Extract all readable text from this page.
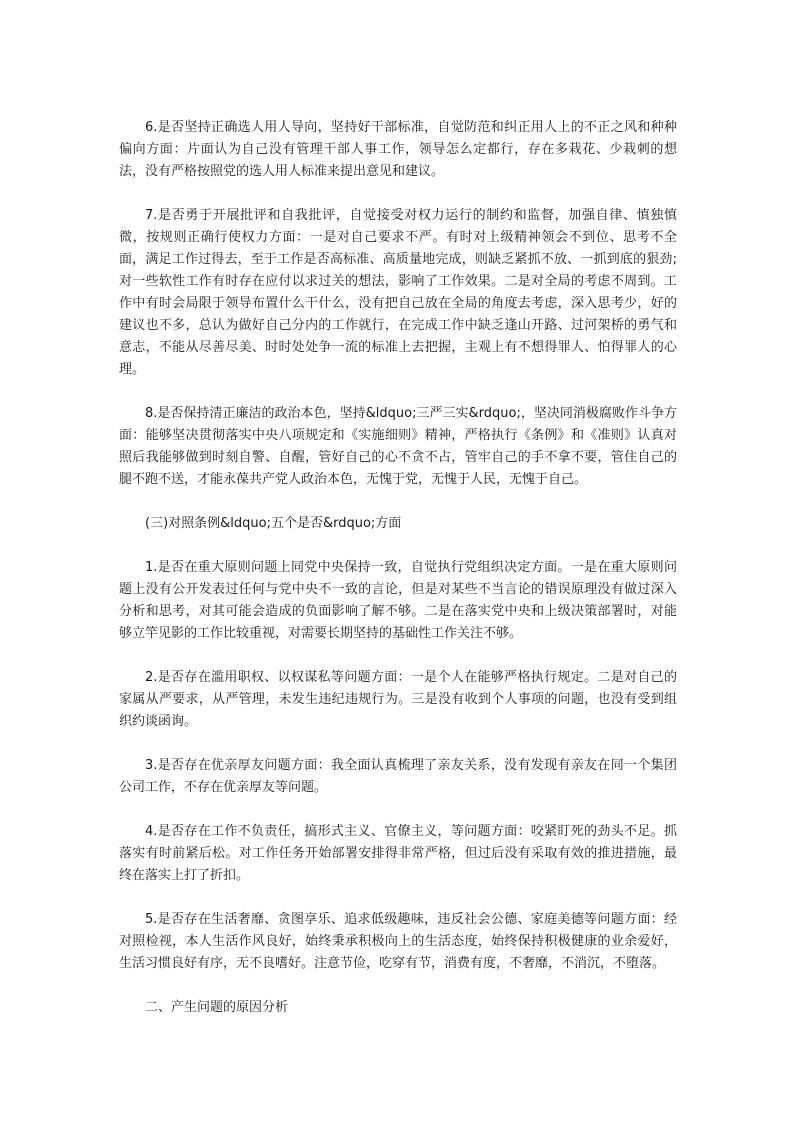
6.是否坚持正确选人用人导向，坚持好干部标准，自觉防范和纠正用人上的不正之风和种种偏向方面：片面认为自己没有管理干部人事工作，领导怎么定都行，存在多栽花、少栽刺的想法，没有严格按照党的选人用人标准来提出意见和建议。

7.是否勇于开展批评和自我批评，自觉接受对权力运行的制约和监督，加强自律、慎独慎微，按规则正确行使权力方面：一是对自己要求不严。有时对上级精神领会不到位、思考不全面，满足工作过得去，至于工作是否高标准、高质量地完成，则缺乏紧抓不放、一抓到底的狠劲;对一些软性工作有时存在应付以求过关的想法，影响了工作效果。二是对全局的考虑不周到。工作中有时会局限于领导布置什么干什么，没有把自己放在全局的角度去考虑，深入思考少，好的建议也不多，总认为做好自己分内的工作就行，在完成工作中缺乏逢山开路、过河架桥的勇气和意志，不能从尽善尽美、时时处处争一流的标准上去把握，主观上有不想得罪人、怕得罪人的心理。

8.是否保持清正廉洁的政治本色，坚持&ldquo;三严三实&rdquo;，坚决同消极腐败作斗争方面：能够坚决贯彻落实中央八项规定和《实施细则》精神，严格执行《条例》和《准则》认真对照后我能够做到时刻自警、自醒，管好自己的心不贪不占，管牢自己的手不拿不要，管住自己的腿不跑不送，才能永葆共产党人政治本色，无愧于党，无愧于人民，无愧于自己。

(三)对照条例&ldquo;五个是否&rdquo;方面

1.是否在重大原则问题上同党中央保持一致，自觉执行党组织决定方面。一是在重大原则问题上没有公开发表过任何与党中央不一致的言论，但是对某些不当言论的错误原理没有做过深入分析和思考，对其可能会造成的负面影响了解不够。二是在落实党中央和上级决策部署时，对能够立竿见影的工作比较重视，对需要长期坚持的基础性工作关注不够。

2.是否存在滥用职权、以权谋私等问题方面：一是个人在能够严格执行规定。二是对自己的家属从严要求，从严管理，未发生违纪违规行为。三是没有收到个人事项的问题，也没有受到组织约谈函询。

3.是否存在优亲厚友问题方面：我全面认真梳理了亲友关系，没有发现有亲友在同一个集团公司工作，不存在优亲厚友等问题。

4.是否存在工作不负责任，搞形式主义、官僚主义，等问题方面：咬紧盯死的劲头不足。抓落实有时前紧后松。对工作任务开始部署安排得非常严格，但过后没有采取有效的推进措施，最终在落实上打了折扣。

5.是否存在生活奢靡、贪图享乐、追求低级趣味，违反社会公德、家庭美德等问题方面：经对照检视，本人生活作风良好，始终秉承积极向上的生活态度，始终保持积极健康的业余爱好，生活习惯良好有序，无不良嗜好。注意节俭，吃穿有节，消费有度，不奢靡，不消沉，不堕落。

二、产生问题的原因分析
